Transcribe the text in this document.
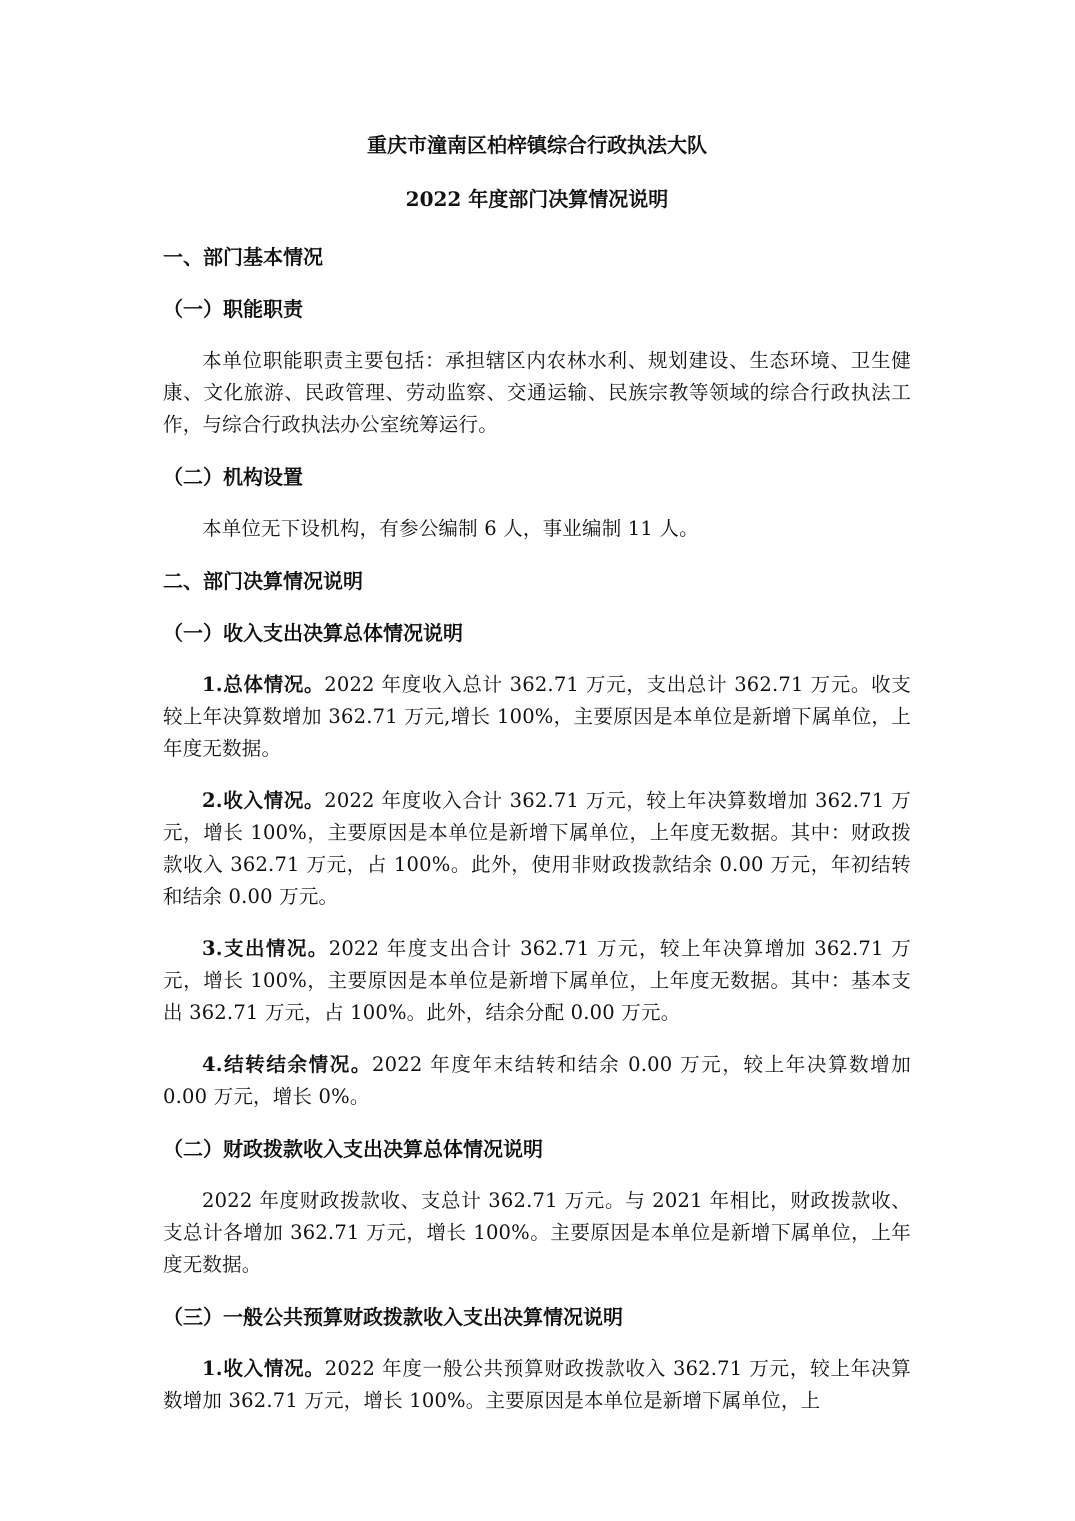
重庆市潼南区柏梓镇综合行政执法大队
2022 年度部门决算情况说明
一、部门基本情况
（一）职能职责
本单位职能职责主要包括：承担辖区内农林水利、规划建设、生态环境、卫生健康、文化旅游、民政管理、劳动监察、交通运输、民族宗教等领域的综合行政执法工作，与综合行政执法办公室统筹运行。
（二）机构设置
本单位无下设机构，有参公编制 6 人，事业编制 11 人。
二、部门决算情况说明
（一）收入支出决算总体情况说明
1.总体情况。2022 年度收入总计 362.71 万元，支出总计 362.71 万元。收支较上年决算数增加 362.71 万元,增长 100%，主要原因是本单位是新增下属单位，上年度无数据。
2.收入情况。2022 年度收入合计 362.71 万元，较上年决算数增加 362.71 万元，增长 100%，主要原因是本单位是新增下属单位，上年度无数据。其中：财政拨款收入 362.71 万元，占 100%。此外，使用非财政拨款结余 0.00 万元，年初结转和结余 0.00 万元。
3.支出情况。2022 年度支出合计 362.71 万元，较上年决算增加 362.71 万元，增长 100%，主要原因是本单位是新增下属单位，上年度无数据。其中：基本支出 362.71 万元，占 100%。此外，结余分配 0.00 万元。
4.结转结余情况。2022 年度年末结转和结余 0.00 万元，较上年决算数增加 0.00 万元，增长 0%。
（二）财政拨款收入支出决算总体情况说明
2022 年度财政拨款收、支总计 362.71 万元。与 2021 年相比，财政拨款收、支总计各增加 362.71 万元，增长 100%。主要原因是本单位是新增下属单位，上年度无数据。
（三）一般公共预算财政拨款收入支出决算情况说明
1.收入情况。2022 年度一般公共预算财政拨款收入 362.71 万元，较上年决算数增加 362.71 万元，增长 100%。主要原因是本单位是新增下属单位，上
